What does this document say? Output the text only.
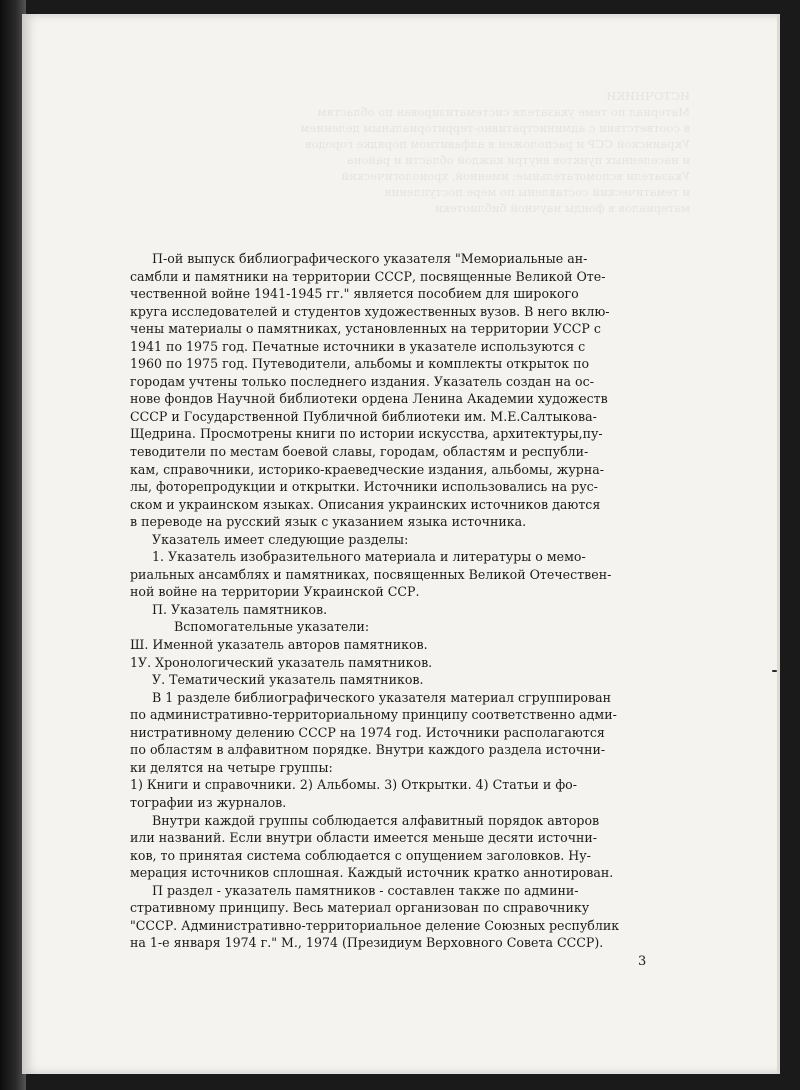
ИСТОЧНИКИ
Материал по теме указателя систематизирован по областям
в соответствии с административно-территориальным делением
Украинской ССР и расположен в алфавитном порядке городов
и населенных пунктов внутри каждой области и района
Указатели вспомогательные: именной, хронологический
и тематический составлены по мере поступления
материалов в фонды научной библиотеки

П-ой выпуск библиографического указателя "Мемориальные ан-

самбли и памятники на территории СССР, посвященные Великой Оте-

чественной войне 1941-1945 гг." является пособием для широкого

круга исследователей и студентов художественных вузов. В него вклю-

чены материалы о памятниках, установленных на территории УССР с

1941 по 1975 год. Печатные источники в указателе используются с

1960 по 1975 год. Путеводители, альбомы и комплекты открыток по

городам учтены только последнего издания. Указатель создан на ос-

нове фондов Научной библиотеки ордена Ленина Академии художеств

СССР и Государственной Публичной библиотеки им. М.Е.Салтыкова-

Щедрина. Просмотрены книги по истории искусства, архитектуры,пу-

теводители по местам боевой славы, городам, областям и республи-

кам, справочники, историко-краеведческие издания, альбомы, журна-

лы, фоторепродукции и открытки. Источники использовались на рус-

ском и украинском языках. Описания украинских источников даются

в переводе на русский язык с указанием языка источника.

Указатель имеет следующие разделы:

1. Указатель изобразительного материала и литературы о мемо-

риальных ансамблях и памятниках, посвященных Великой Отечествен-

ной войне на территории Украинской ССР.

П. Указатель памятников.

Вспомогательные указатели:

Ш. Именной указатель авторов памятников.

1У. Хронологический указатель памятников.

У. Тематический указатель памятников.

В 1 разделе библиографического указателя материал сгруппирован

по административно-территориальному принципу соответственно адми-

нистративному делению СССР на 1974 год. Источники располагаются

по областям в алфавитном порядке. Внутри каждого раздела источни-

ки делятся на четыре группы:

1) Книги и справочники. 2) Альбомы. 3) Открытки. 4) Статьи и фо-

тографии из журналов.

Внутри каждой группы соблюдается алфавитный порядок авторов

или названий. Если внутри области имеется меньше десяти источни-

ков, то принятая система соблюдается с опущением заголовков. Ну-

мерация источников сплошная. Каждый источник кратко аннотирован.

П раздел - указатель памятников - составлен также по админи-

стративному принципу. Весь материал организован по справочнику

"СССР. Административно-территориальное деление Союзных республик

на 1-е января 1974 г." М., 1974 (Президиум Верховного Совета СССР).

3
